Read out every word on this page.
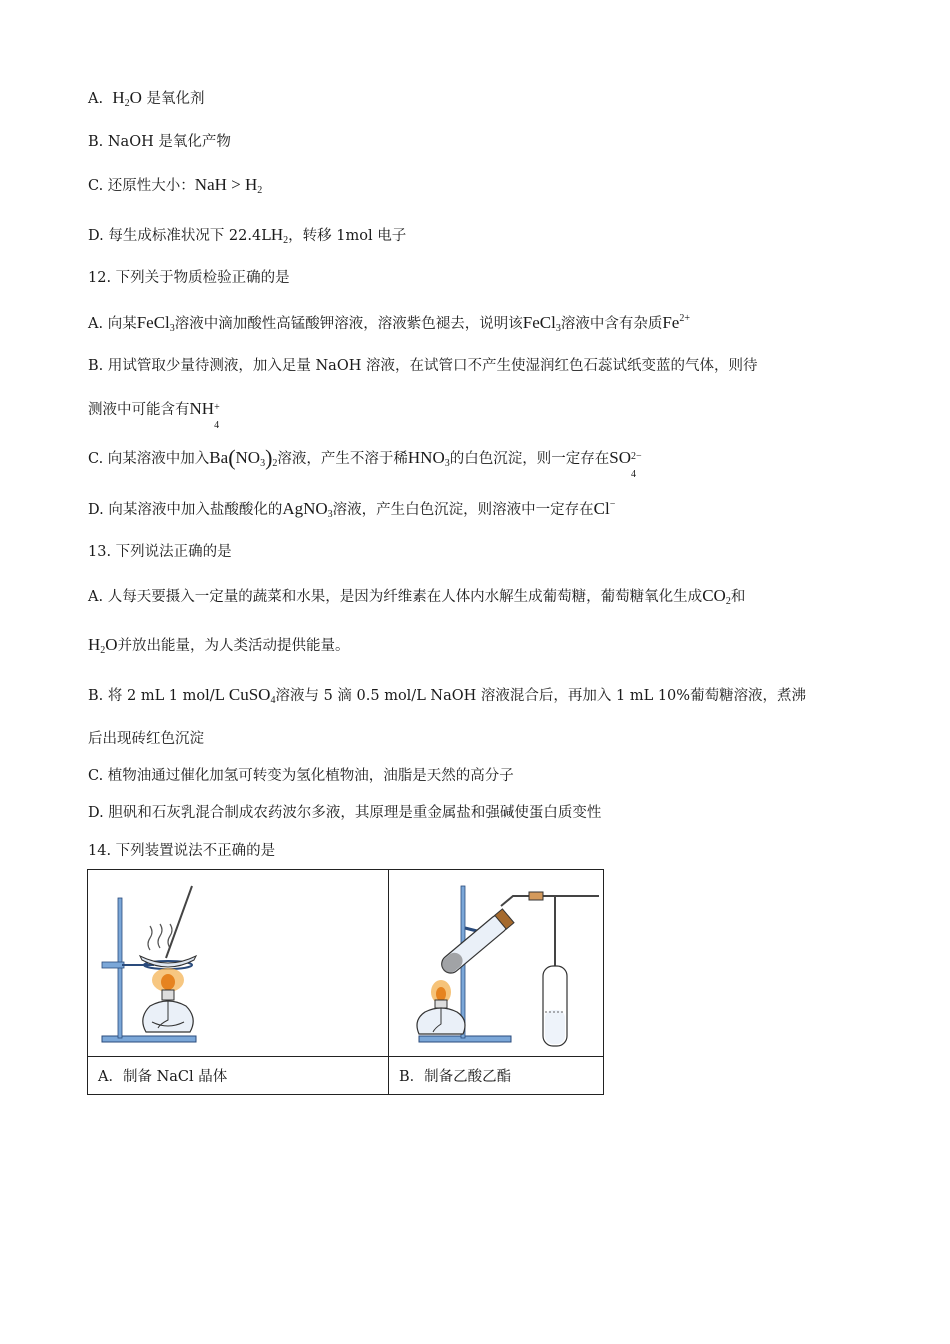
A. $H_2O$ 是氧化剂
B. NaOH 是氧化产物
C. 还原性大小：NaH > $H_2$
D. 每生成标准状况下 $22.4LH_2$，转移 1mol 电子
12. 下列关于物质检验正确的是
A. 向某FeCl$_3$溶液中滴加酸性高锰酸钾溶液，溶液紫色褪去，说明该FeCl$_3$溶液中含有杂质$Fe^{2+}$
B. 用试管取少量待测液，加入足量 NaOH 溶液，在试管口不产生使湿润红色石蕊试纸变蓝的气体，则待
测液中可能含有NH +
4
C. 向某溶液中加入$Ba(NO_3)_2$溶液，产生不溶于稀$HNO_3$的白色沉淀，则一定存在SO 2−
4
D. 向某溶液中加入盐酸酸化的AgNO$_3$溶液，产生白色沉淀，则溶液中一定存在Cl−
13. 下列说法正确的是
A. 人每天要摄入一定量的蔬菜和水果，是因为纤维素在人体内水解生成葡萄糖，葡萄糖氧化生成$CO_2$和
$H_2O$并放出能量，为人类活动提供能量。
B. 将 2 mL 1 mol/L CuSO$_4$溶液与 5 滴 0.5 mol/L NaOH 溶液混合后，再加入 1 mL 10%葡萄糖溶液，煮沸
后出现砖红色沉淀
C. 植物油通过催化加氢可转变为氢化植物油，油脂是天然的高分子
D. 胆矾和石灰乳混合制成农药波尔多液，其原理是重金属盐和强碱使蛋白质变性
14. 下列装置说法不正确的是

A．制备 NaCl 晶体	B．制备乙酸乙酯
